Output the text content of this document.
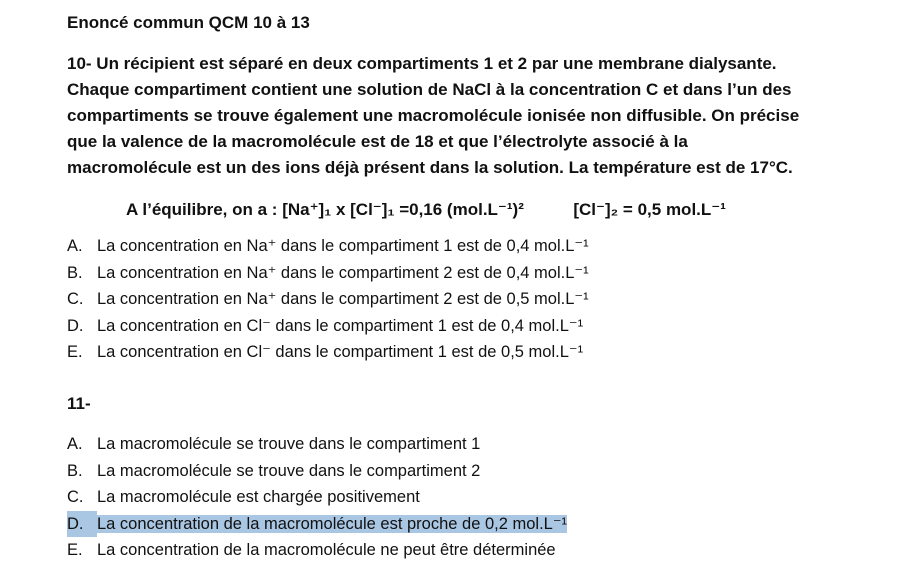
Enoncé commun QCM 10 à 13
10- Un récipient est séparé en deux compartiments 1 et 2 par une membrane dialysante.
Chaque compartiment contient une solution de NaCl à la concentration C et dans l’un des
compartiments se trouve également une macromolécule ionisée non diffusible. On précise
que la valence de la macromolécule est de 18 et que l’électrolyte associé à la
macromolécule est un des ions déjà présent dans la solution. La température est de 17°C.
A l’équilibre, on a : [Na⁺]₁ x [Cl⁻]₁ =0,16 (mol.L⁻¹)²	[Cl⁻]₂ = 0,5 mol.L⁻¹
A. La concentration en Na⁺ dans le compartiment 1 est de 0,4 mol.L⁻¹
B. La concentration en Na⁺ dans le compartiment 2 est de 0,4 mol.L⁻¹
C. La concentration en Na⁺ dans le compartiment 2 est de 0,5 mol.L⁻¹
D. La concentration en Cl⁻ dans le compartiment 1 est de 0,4 mol.L⁻¹
E. La concentration en Cl⁻ dans le compartiment 1 est de 0,5 mol.L⁻¹
11-
A. La macromolécule se trouve dans le compartiment 1
B. La macromolécule se trouve dans le compartiment 2
C. La macromolécule est chargée positivement
D. La concentration de la macromolécule est proche de 0,2 mol.L⁻¹
E. La concentration de la macromolécule ne peut être déterminée
